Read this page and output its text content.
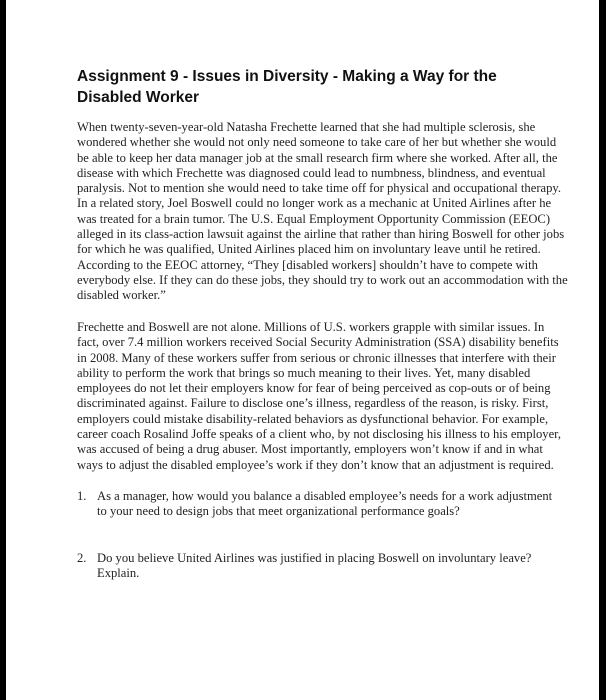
Assignment 9 - Issues in Diversity - Making a Way for the Disabled Worker
When twenty-seven-year-old Natasha Frechette learned that she had multiple sclerosis, she
wondered whether she would not only need someone to take care of her but whether she would
be able to keep her data manager job at the small research firm where she worked. After all, the
disease with which Frechette was diagnosed could lead to numbness, blindness, and eventual
paralysis. Not to mention she would need to take time off for physical and occupational therapy.
In a related story, Joel Boswell could no longer work as a mechanic at United Airlines after he
was treated for a brain tumor. The U.S. Equal Employment Opportunity Commission (EEOC)
alleged in its class-action lawsuit against the airline that rather than hiring Boswell for other jobs
for which he was qualified, United Airlines placed him on involuntary leave until he retired.
According to the EEOC attorney, “They [disabled workers] shouldn’t have to compete with
everybody else. If they can do these jobs, they should try to work out an accommodation with the
disabled worker.”
Frechette and Boswell are not alone. Millions of U.S. workers grapple with similar issues. In
fact, over 7.4 million workers received Social Security Administration (SSA) disability benefits
in 2008. Many of these workers suffer from serious or chronic illnesses that interfere with their
ability to perform the work that brings so much meaning to their lives. Yet, many disabled
employees do not let their employers know for fear of being perceived as cop-outs or of being
discriminated against. Failure to disclose one’s illness, regardless of the reason, is risky. First,
employers could mistake disability-related behaviors as dysfunctional behavior. For example,
career coach Rosalind Joffe speaks of a client who, by not disclosing his illness to his employer,
was accused of being a drug abuser. Most importantly, employers won’t know if and in what
ways to adjust the disabled employee’s work if they don’t know that an adjustment is required.
1. As a manager, how would you balance a disabled employee’s needs for a work adjustment
to your need to design jobs that meet organizational performance goals?
2. Do you believe United Airlines was justified in placing Boswell on involuntary leave?
Explain.
